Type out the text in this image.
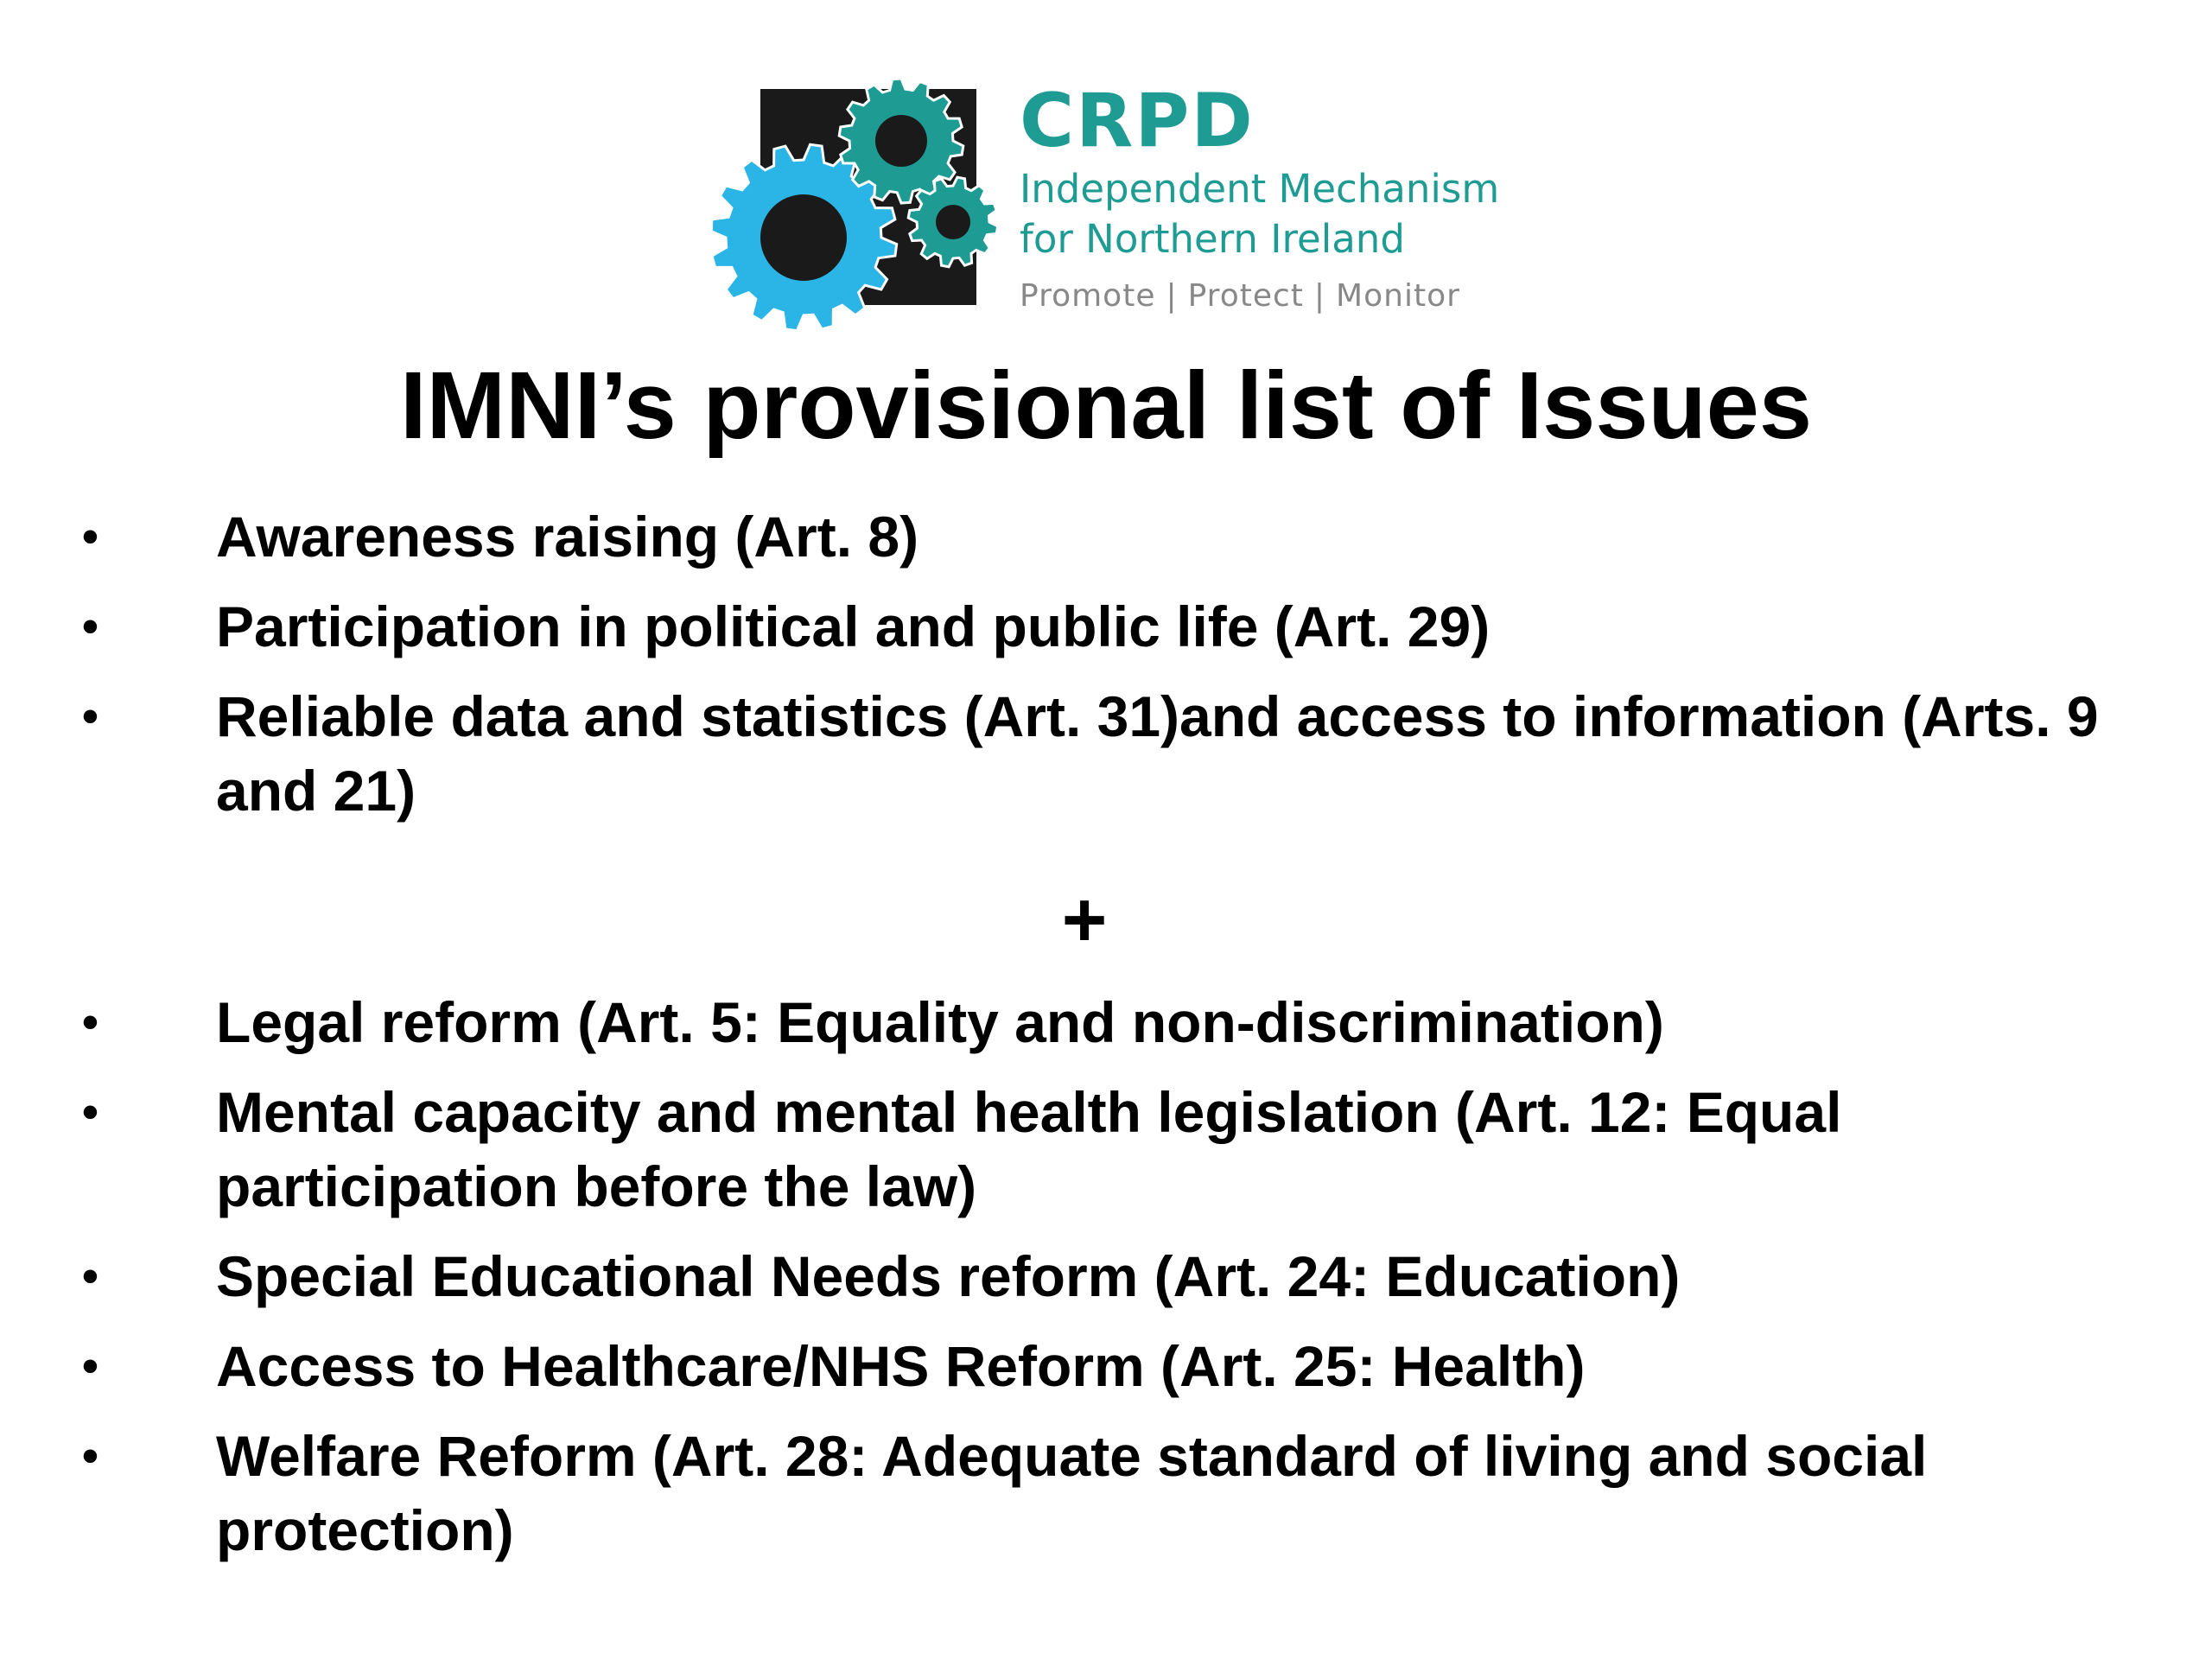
CRPD
Independent Mechanism
for Northern Ireland
Promote | Protect | Monitor
IMNI’s provisional list of Issues
•	Awareness raising (Art. 8)
•	Participation in political and public life (Art. 29)
•	Reliable data and statistics (Art. 31)and access to information (Arts. 9 and 21)
+
•	Legal reform (Art. 5: Equality and non-discrimination)
•	Mental capacity and mental health legislation (Art. 12: Equal participation before the law)
•	Special Educational Needs reform (Art. 24: Education)
•	Access to Healthcare/NHS Reform (Art. 25: Health)
•	Welfare Reform (Art. 28: Adequate standard of living and social protection)
